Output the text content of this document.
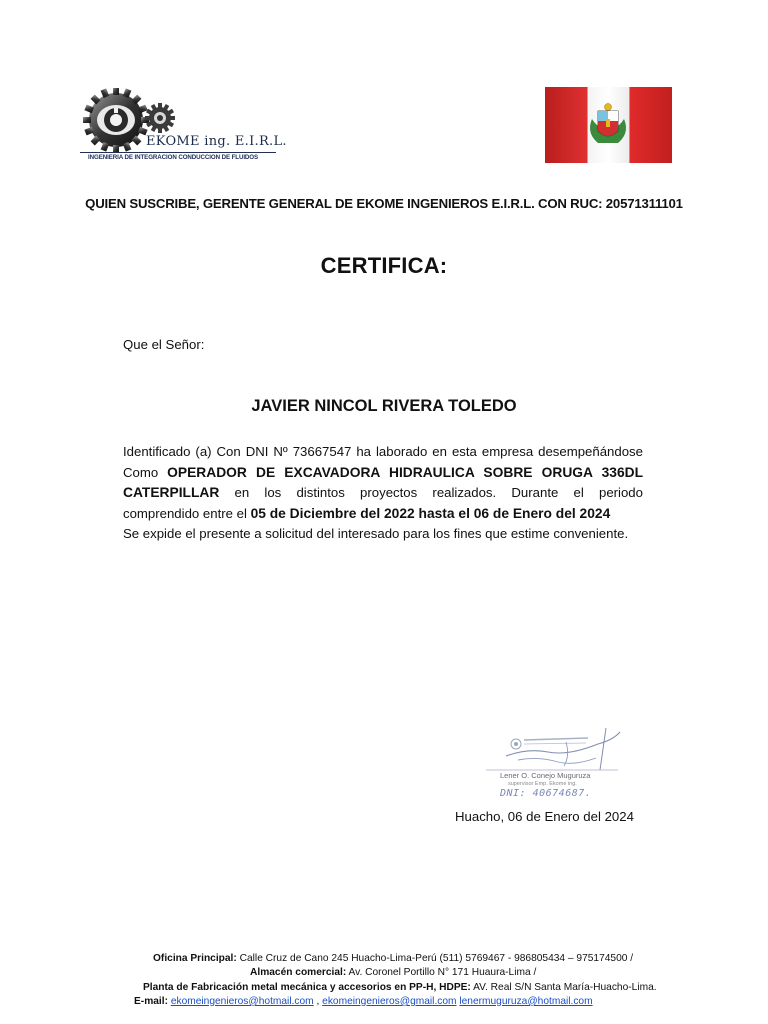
EKOME ing. E.I.R.L.
INGENIERIA DE INTEGRACION CONDUCCION DE FLUIDOS
QUIEN SUSCRIBE, GERENTE GENERAL DE EKOME INGENIEROS E.I.R.L. CON RUC: 20571311101
CERTIFICA:
Que el Señor:
JAVIER NINCOL RIVERA TOLEDO

Identificado (a) Con DNI Nº 73667547 ha laborado en esta empresa desempeñándose

Como OPERADOR DE EXCAVADORA HIDRAULICA SOBRE ORUGA 336DL

CATERPILLAR en los distintos proyectos realizados. Durante el periodo

comprendido entre el 05 de Diciembre del 2022 hasta el 06 de Enero del 2024

Se expide el presente a solicitud del interesado para los fines que estime conveniente.

Lener O. Conejo Muguruza
supervisor Emp. Ekome ing.
DNI: 40674687.
Huacho, 06 de Enero del 2024
Oficina Principal: Calle Cruz de Cano 245 Huacho-Lima-Perú (511) 5769467 - 986805434 – 975174500 /
Almacén comercial: Av. Coronel Portillo N° 171 Huaura-Lima /
Planta de Fabricación metal mecánica y accesorios en PP-H, HDPE: AV. Real S/N Santa María-Huacho-Lima.
E-mail: ekomeingenieros@hotmail.com , ekomeingenieros@gmail.com lenermuguruza@hotmail.com
